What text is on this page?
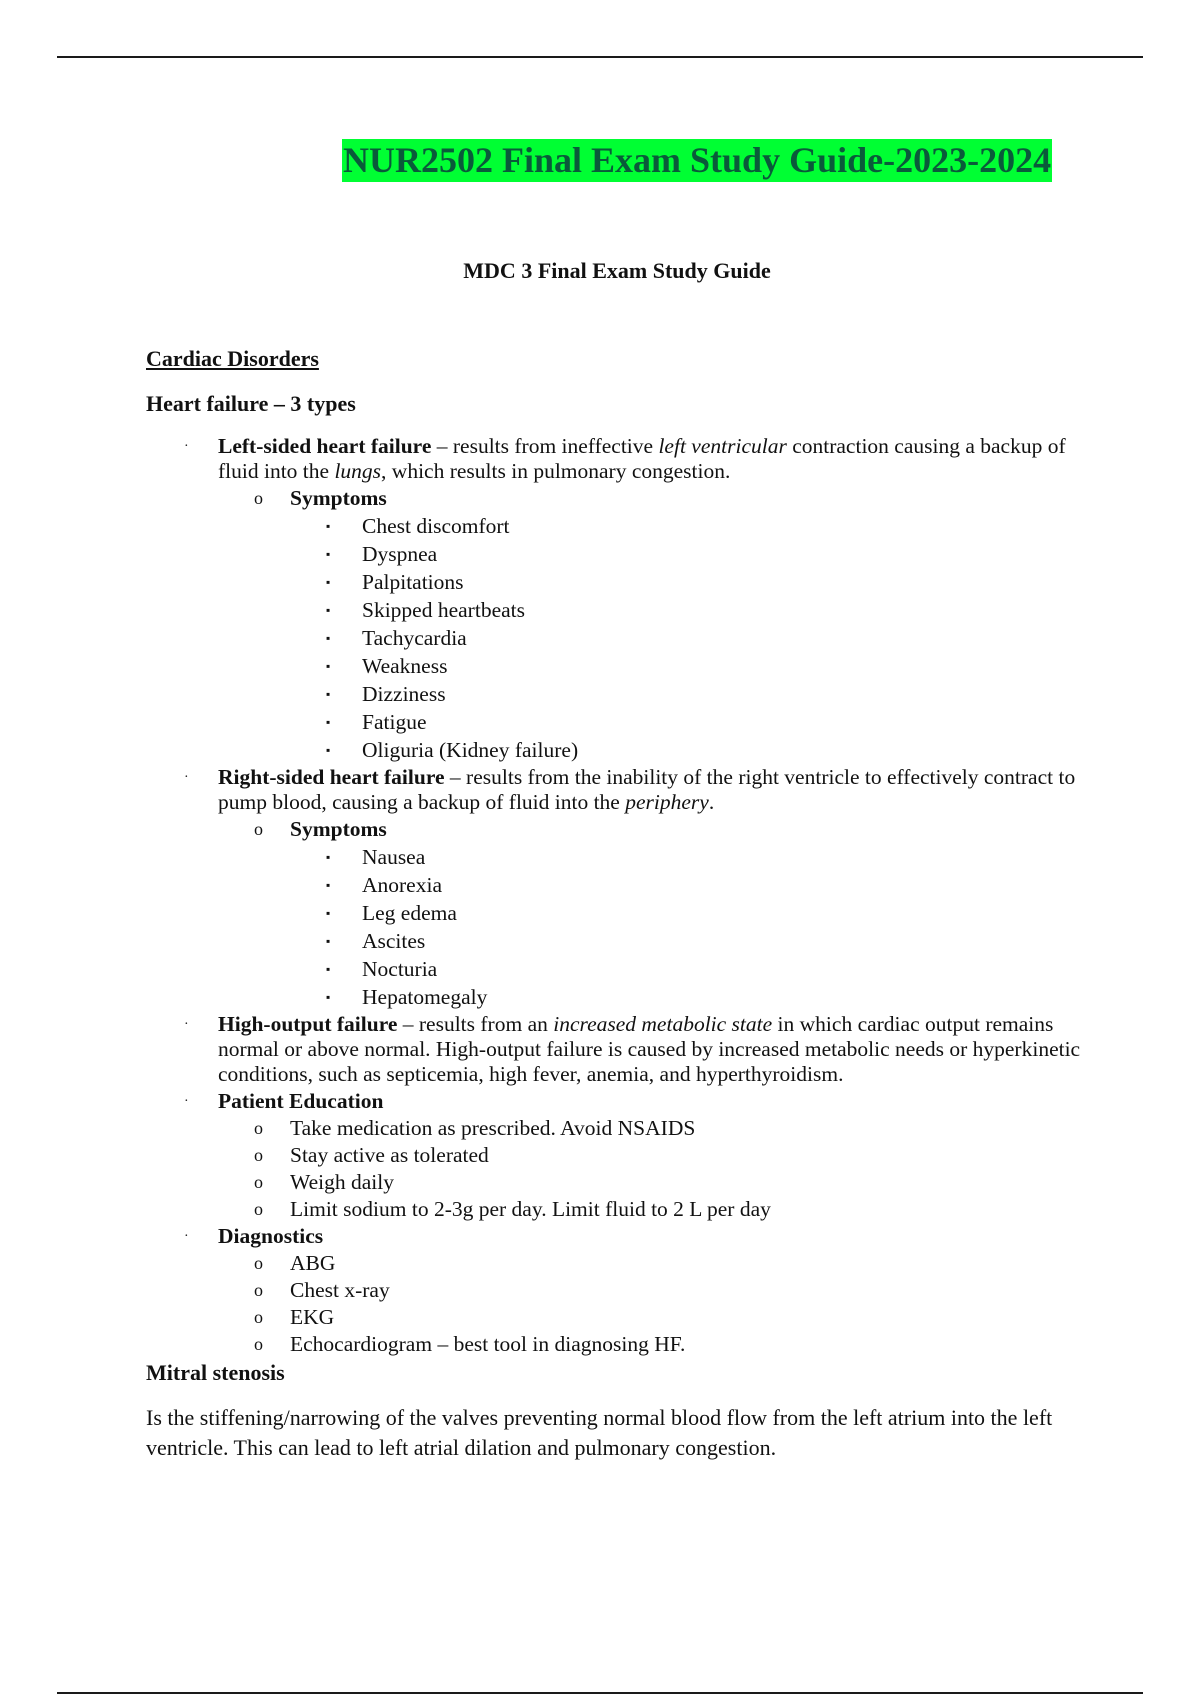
NUR2502 Final Exam Study Guide-2023-2024
MDC 3 Final Exam Study Guide
Cardiac Disorders
Heart failure – 3 types
· Left-sided heart failure – results from ineffective left ventricular contraction causing a backup of fluid into the lungs, which results in pulmonary congestion.
o Symptoms
▪ Chest discomfort
▪ Dyspnea
▪ Palpitations
▪ Skipped heartbeats
▪ Tachycardia
▪ Weakness
▪ Dizziness
▪ Fatigue
▪ Oliguria (Kidney failure)
· Right-sided heart failure – results from the inability of the right ventricle to effectively contract to pump blood, causing a backup of fluid into the periphery.
o Symptoms
▪ Nausea
▪ Anorexia
▪ Leg edema
▪ Ascites
▪ Nocturia
▪ Hepatomegaly
· High-output failure – results from an increased metabolic state in which cardiac output remains normal or above normal. High-output failure is caused by increased metabolic needs or hyperkinetic conditions, such as septicemia, high fever, anemia, and hyperthyroidism.
· Patient Education
o Take medication as prescribed. Avoid NSAIDS
o Stay active as tolerated
o Weigh daily
o Limit sodium to 2-3g per day. Limit fluid to 2 L per day
· Diagnostics
o ABG
o Chest x-ray
o EKG
o Echocardiogram – best tool in diagnosing HF.
Mitral stenosis
Is the stiffening/narrowing of the valves preventing normal blood flow from the left atrium into the left ventricle. This can lead to left atrial dilation and pulmonary congestion.
